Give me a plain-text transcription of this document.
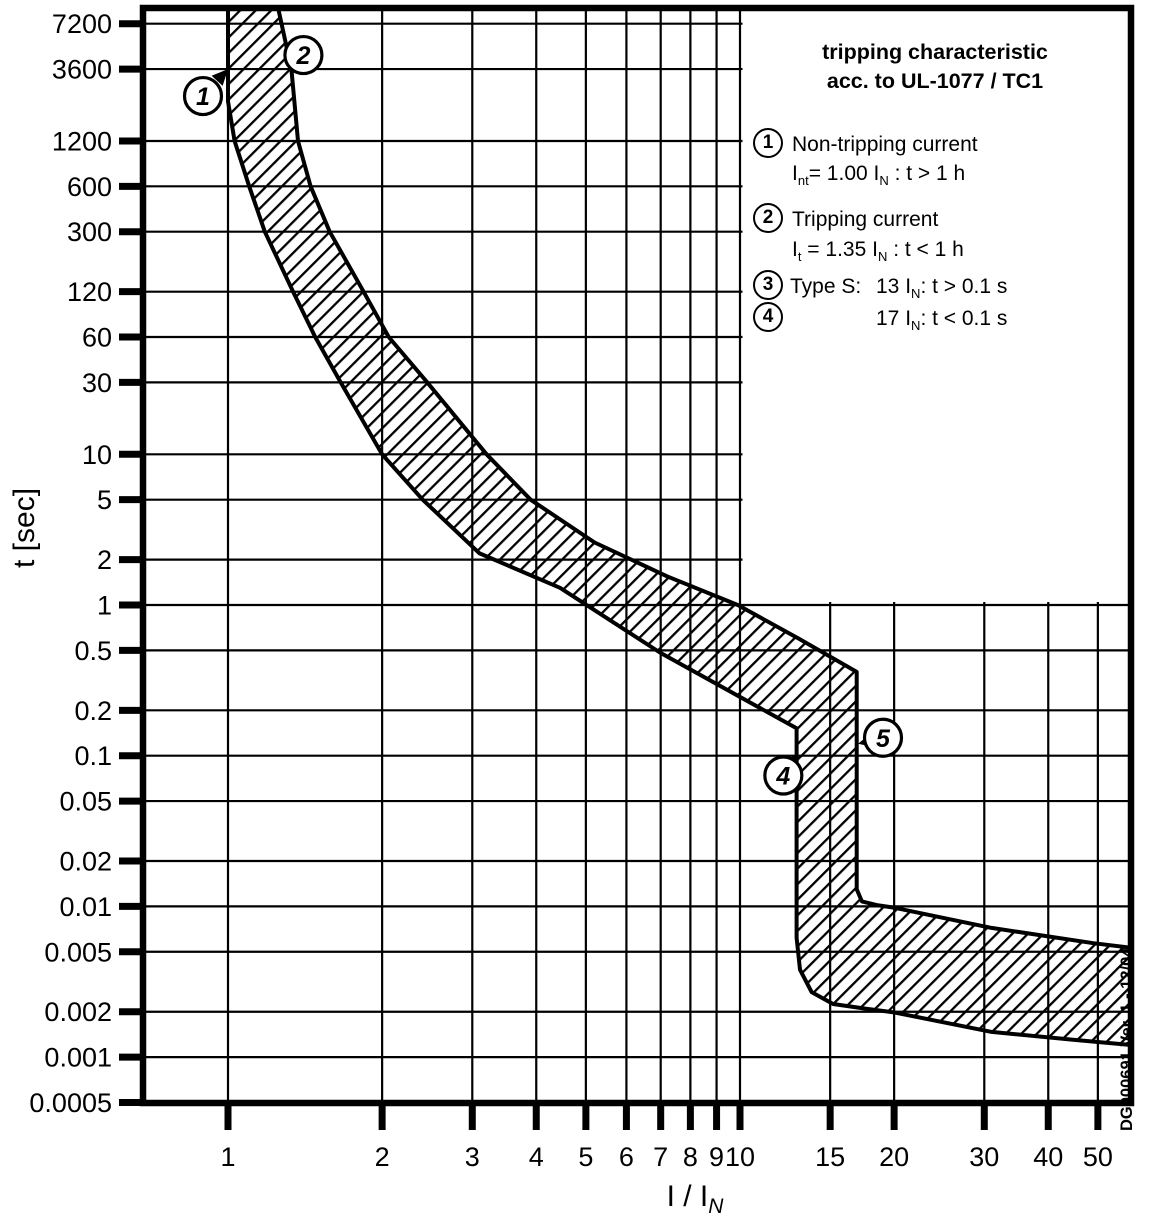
7200
3600
1200
600
300
120
60
30
10
5
2
1
0.5
0.2
0.1
0.05
0.02
0.01
0.005
0.002
0.001
0.0005
1	2	3 4 5 6 7 8 9 10 15 20 30 40 50
1
2
4
5
tripping characteristic
acc. to UL-1077 / TC1
1 Non-tripping current
$I_{nt}= 1.00$ $I_N$ : t > 1 h
2 Tripping current
$I_t = 1.35$ $I_N$ : t < 1 h
3 Type S: 13 $I_N$: t > 0.1 s
4	17 $I_N$: t < 0.1 s
t [sec]
I / $I_N$
DG000691 Ver. 1 - 12/04
